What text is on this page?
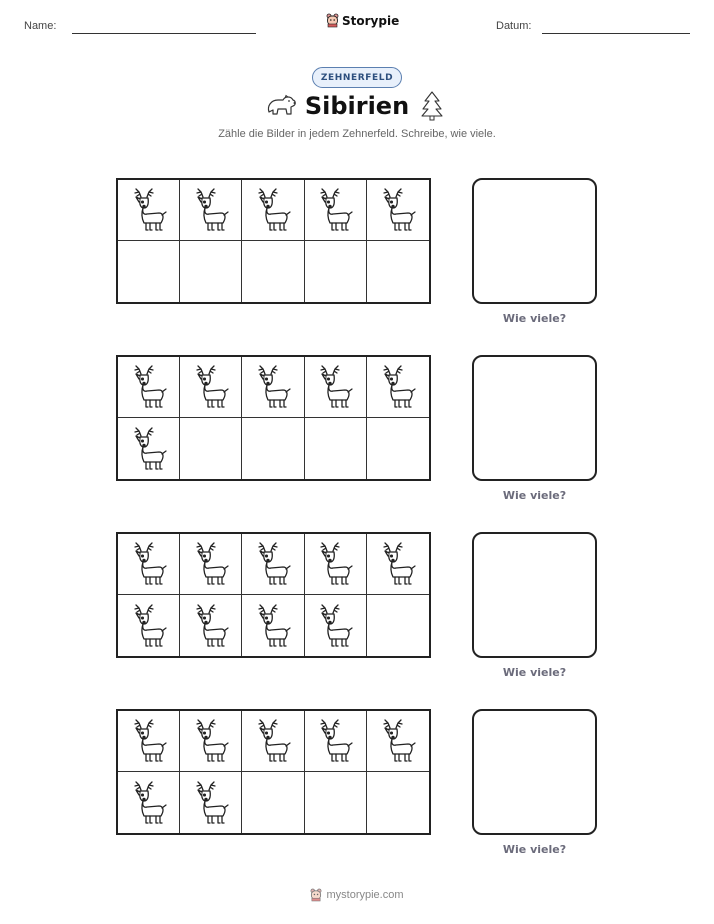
Name:	Storypie	Datum:
ZEHNERFELD
Sibirien
Zähle die Bilder in jedem Zehnerfeld. Schreibe, wie viele.
Wie viele?
Wie viele?
Wie viele?
Wie viele?
mystorypie.com
